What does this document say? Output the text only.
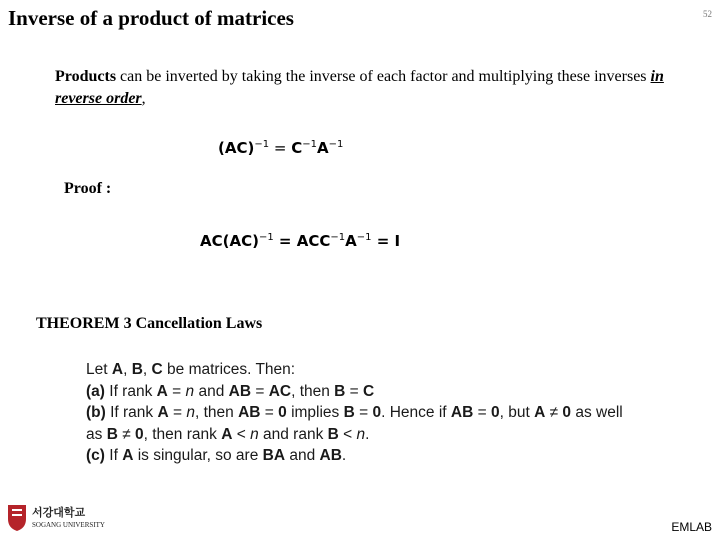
Inverse of a product of matrices	52
Products can be inverted by taking the inverse of each factor and multiplying these inverses in reverse order,
$(AC)^{-1} = C^{-1}A^{-1}$
Proof :
$AC(AC)^{-1} = ACC^{-1}A^{-1} = I$
THEOREM 3 Cancellation Laws
Let A, B, C be matrices. Then:
(a) If rank A = n and AB = AC, then B = C
(b) If rank A = n, then AB = 0 implies B = 0. Hence if AB = 0, but A ≠ 0 as well
as B ≠ 0, then rank A < n and rank B < n.
(c) If A is singular, so are BA and AB.
서강대학교
SOGANG UNIVERSITY	EMLAB
